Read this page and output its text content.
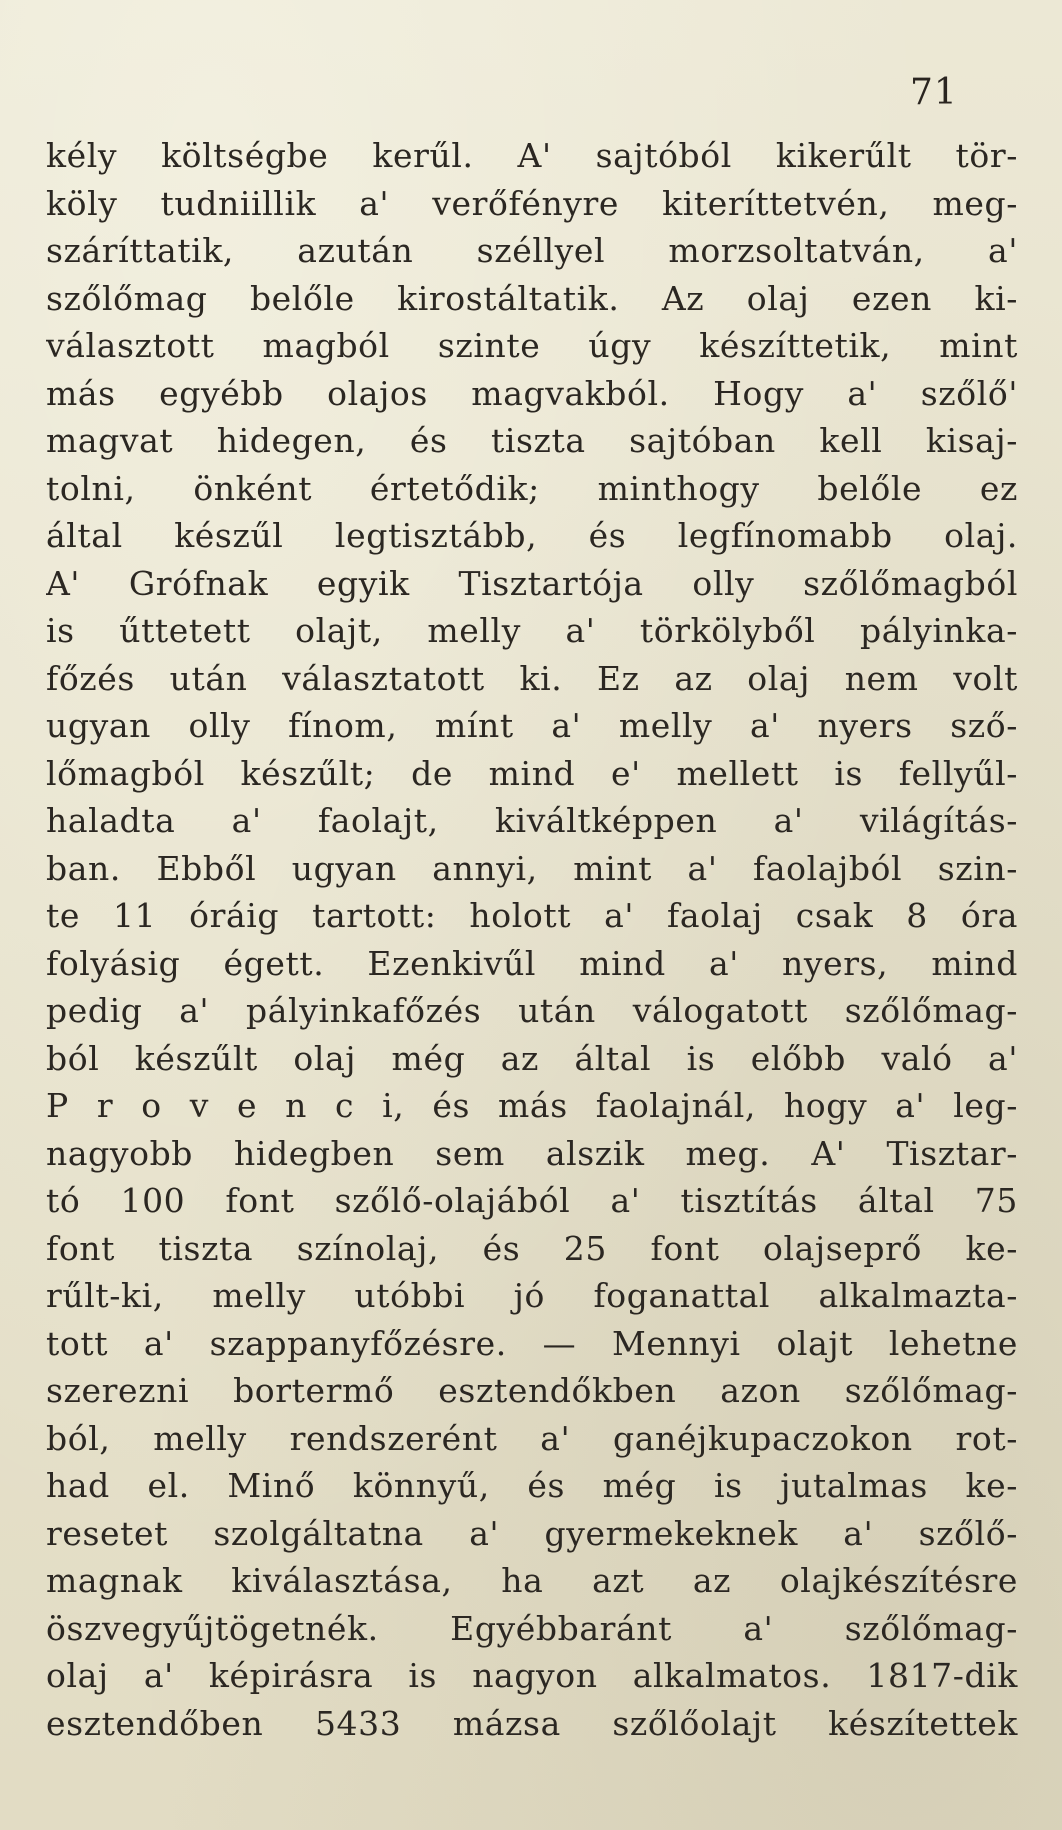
71
kély költségbe kerűl. A' sajtóból kikerűlt tör-
köly tudniillik a' verőfényre kiteríttetvén, meg-
száríttatik, azután széllyel morzsoltatván, a'
szőlőmag belőle kirostáltatik. Az olaj ezen ki-
választott magból szinte úgy készíttetik, mint
más egyébb olajos magvakból. Hogy a' szőlő'
magvat hidegen, és tiszta sajtóban kell kisaj-
tolni, önként értetődik; minthogy belőle ez
által készűl legtisztább, és legfínomabb olaj.
A' Grófnak egyik Tisztartója olly szőlőmagból
is űttetett olajt, melly a' törkölyből pályinka-
főzés után választatott ki. Ez az olaj nem volt
ugyan olly fínom, mínt a' melly a' nyers sző-
lőmagból készűlt; de mind e' mellett is fellyűl-
haladta a' faolajt, kiváltképpen a' világítás-
ban. Ebből ugyan annyi, mint a' faolajból szin-
te 11 óráig tartott: holott a' faolaj csak 8 óra
folyásig égett. Ezenkivűl mind a' nyers, mind
pedig a' pályinkafőzés után válogatott szőlőmag-
ból készűlt olaj még az által is előbb való a'
P r o v e n c i, és más faolajnál, hogy a' leg-
nagyobb hidegben sem alszik meg. A' Tisztar-
tó 100 font szőlő-olajából a' tisztítás által 75
font tiszta színolaj, és 25 font olajseprő ke-
rűlt-ki, melly utóbbi jó foganattal alkalmazta-
tott a' szappanyfőzésre. — Mennyi olajt lehetne
szerezni bortermő esztendőkben azon szőlőmag-
ból, melly rendszerént a' ganéjkupaczokon rot-
had el. Minő könnyű, és még is jutalmas ke-
resetet szolgáltatna a' gyermekeknek a' szőlő-
magnak kiválasztása, ha azt az olajkészítésre
öszvegyűjtögetnék. Egyébbaránt a' szőlőmag-
olaj a' képirásra is nagyon alkalmatos. 1817-dik
esztendőben 5433 mázsa szőlőolajt készítettek
